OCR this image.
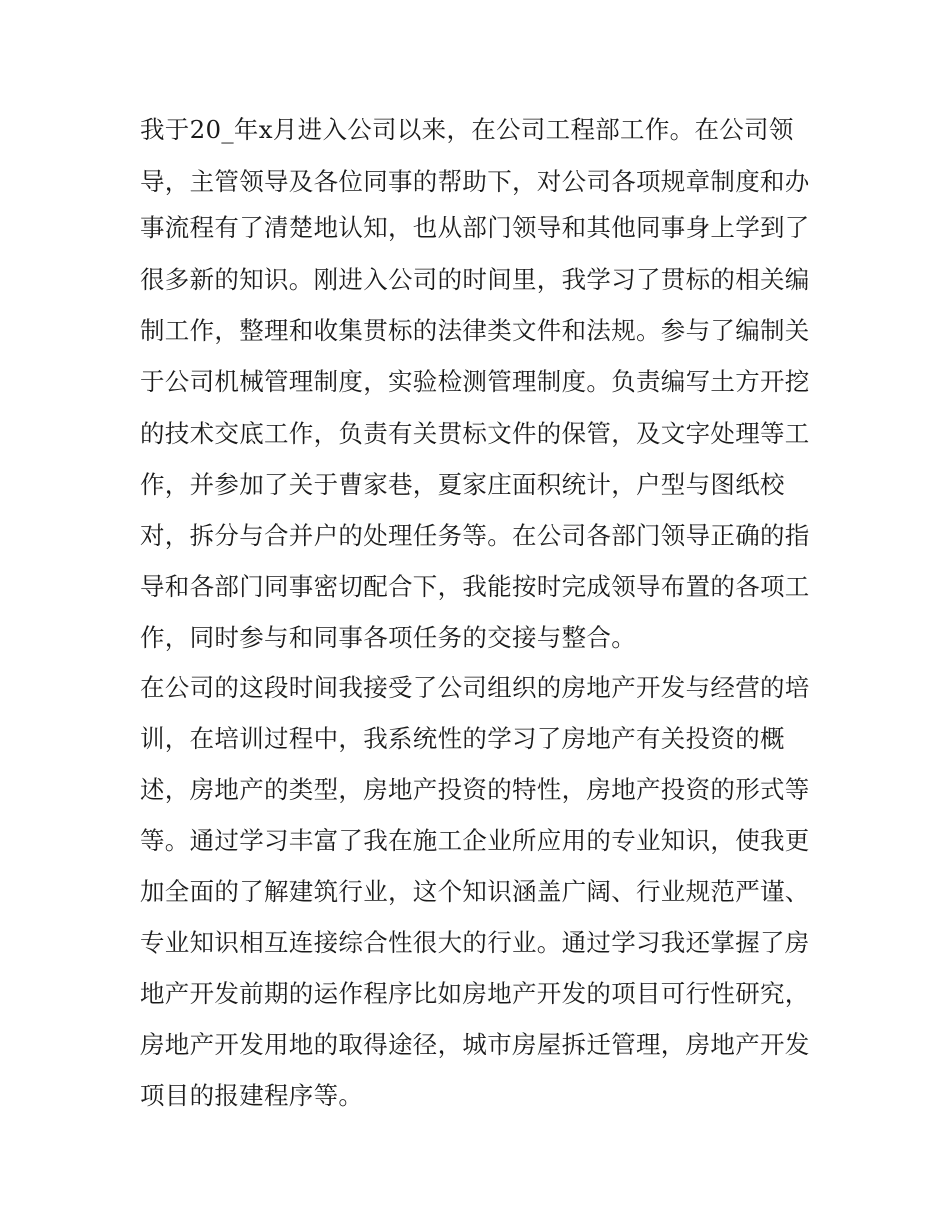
我于20_年x月进入公司以来，在公司工程部工作。在公司领
导，主管领导及各位同事的帮助下，对公司各项规章制度和办
事流程有了清楚地认知，也从部门领导和其他同事身上学到了
很多新的知识。刚进入公司的时间里，我学习了贯标的相关编
制工作，整理和收集贯标的法律类文件和法规。参与了编制关
于公司机械管理制度，实验检测管理制度。负责编写土方开挖
的技术交底工作，负责有关贯标文件的保管，及文字处理等工
作，并参加了关于曹家巷，夏家庄面积统计，户型与图纸校
对，拆分与合并户的处理任务等。在公司各部门领导正确的指
导和各部门同事密切配合下，我能按时完成领导布置的各项工
作，同时参与和同事各项任务的交接与整合。
在公司的这段时间我接受了公司组织的房地产开发与经营的培
训，在培训过程中，我系统性的学习了房地产有关投资的概
述，房地产的类型，房地产投资的特性，房地产投资的形式等
等。通过学习丰富了我在施工企业所应用的专业知识，使我更
加全面的了解建筑行业，这个知识涵盖广阔、行业规范严谨、
专业知识相互连接综合性很大的行业。通过学习我还掌握了房
地产开发前期的运作程序比如房地产开发的项目可行性研究，
房地产开发用地的取得途径，城市房屋拆迁管理，房地产开发
项目的报建程序等。
